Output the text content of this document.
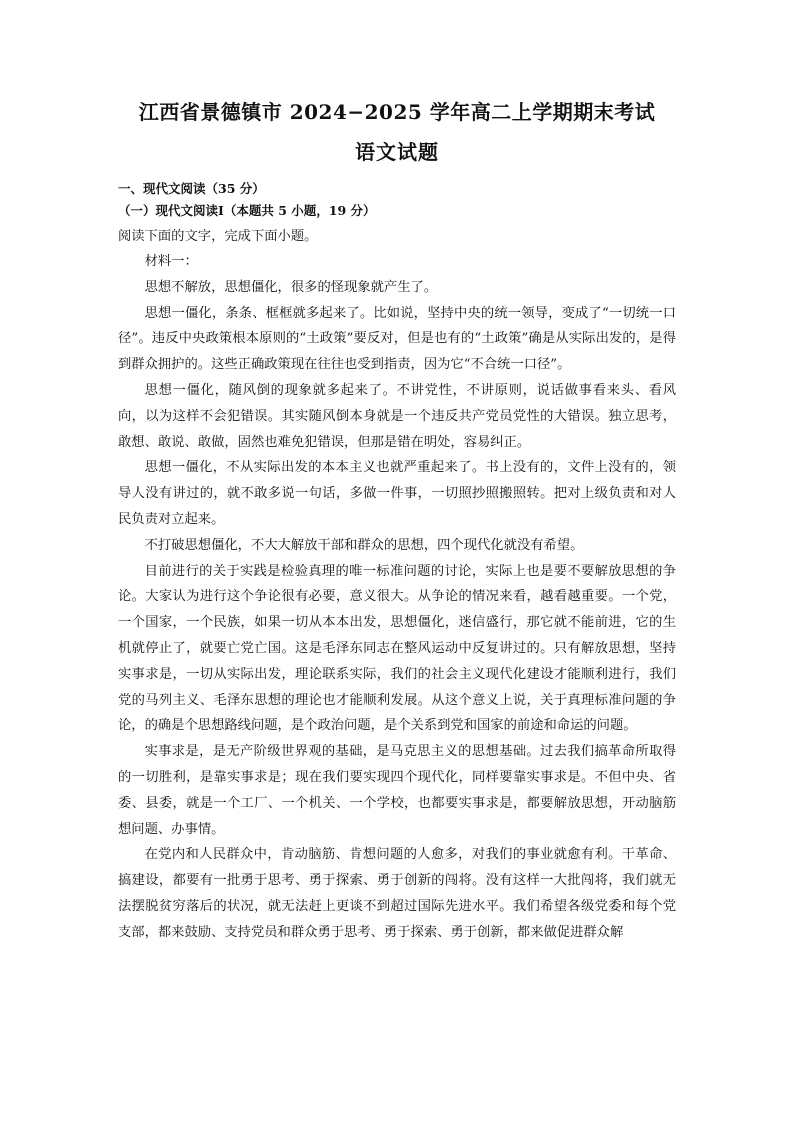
江西省景德镇市 2024−2025 学年高二上学期期末考试
语文试题
一、现代文阅读（35 分）
（一）现代文阅读Ⅰ（本题共 5 小题，19 分）

阅读下面的文字，完成下面小题。

材料一：

思想不解放，思想僵化，很多的怪现象就产生了。

思想一僵化，条条、框框就多起来了。比如说，坚持中央的统一领导，变成了“一切统一口径”。违反中央政策根本原则的“土政策”要反对，但是也有的“土政策”确是从实际出发的，是得到群众拥护的。这些正确政策现在往往也受到指责，因为它“不合统一口径”。

思想一僵化，随风倒的现象就多起来了。不讲党性，不讲原则，说话做事看来头、看风向，以为这样不会犯错误。其实随风倒本身就是一个违反共产党员党性的大错误。独立思考，敢想、敢说、敢做，固然也难免犯错误，但那是错在明处，容易纠正。

思想一僵化，不从实际出发的本本主义也就严重起来了。书上没有的，文件上没有的，领导人没有讲过的，就不敢多说一句话，多做一件事，一切照抄照搬照转。把对上级负责和对人民负责对立起来。

不打破思想僵化，不大大解放干部和群众的思想，四个现代化就没有希望。

目前进行的关于实践是检验真理的唯一标准问题的讨论，实际上也是要不要解放思想的争论。大家认为进行这个争论很有必要，意义很大。从争论的情况来看，越看越重要。一个党，一个国家，一个民族，如果一切从本本出发，思想僵化，迷信盛行，那它就不能前进，它的生机就停止了，就要亡党亡国。这是毛泽东同志在整风运动中反复讲过的。只有解放思想，坚持实事求是，一切从实际出发，理论联系实际，我们的社会主义现代化建设才能顺利进行，我们党的马列主义、毛泽东思想的理论也才能顺利发展。从这个意义上说，关于真理标准问题的争论，的确是个思想路线问题，是个政治问题，是个关系到党和国家的前途和命运的问题。

实事求是，是无产阶级世界观的基础，是马克思主义的思想基础。过去我们搞革命所取得的一切胜利，是靠实事求是；现在我们要实现四个现代化，同样要靠实事求是。不但中央、省委、县委，就是一个工厂、一个机关、一个学校，也都要实事求是，都要解放思想，开动脑筋想问题、办事情。

在党内和人民群众中，肯动脑筋、肯想问题的人愈多，对我们的事业就愈有利。干革命、搞建设，都要有一批勇于思考、勇于探索、勇于创新的闯将。没有这样一大批闯将，我们就无法摆脱贫穷落后的状况，就无法赶上更谈不到超过国际先进水平。我们希望各级党委和每个党支部，都来鼓励、支持党员和群众勇于思考、勇于探索、勇于创新，都来做促进群众解
